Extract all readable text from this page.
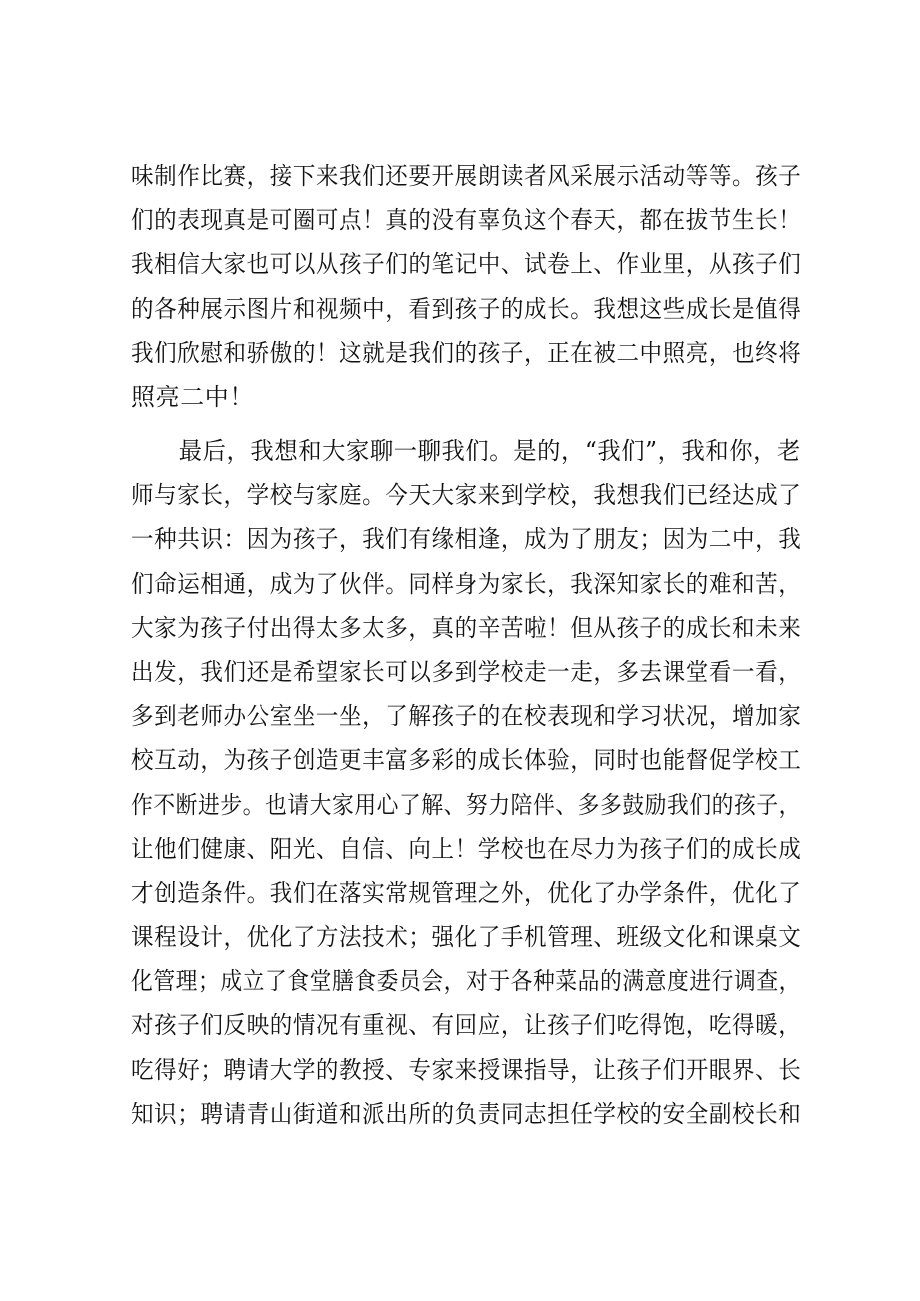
味制作比赛，接下来我们还要开展朗读者风采展示活动等等。孩子
们的表现真是可圈可点！真的没有辜负这个春天，都在拔节生长！
我相信大家也可以从孩子们的笔记中、试卷上、作业里，从孩子们
的各种展示图片和视频中，看到孩子的成长。我想这些成长是值得
我们欣慰和骄傲的！这就是我们的孩子，正在被二中照亮，也终将
照亮二中！
　　最后，我想和大家聊一聊我们。是的，“我们”，我和你，老
师与家长，学校与家庭。今天大家来到学校，我想我们已经达成了
一种共识：因为孩子，我们有缘相逢，成为了朋友；因为二中，我
们命运相通，成为了伙伴。同样身为家长，我深知家长的难和苦，
大家为孩子付出得太多太多，真的辛苦啦！但从孩子的成长和未来
出发，我们还是希望家长可以多到学校走一走，多去课堂看一看，
多到老师办公室坐一坐，了解孩子的在校表现和学习状况，增加家
校互动，为孩子创造更丰富多彩的成长体验，同时也能督促学校工
作不断进步。也请大家用心了解、努力陪伴、多多鼓励我们的孩子，
让他们健康、阳光、自信、向上！学校也在尽力为孩子们的成长成
才创造条件。我们在落实常规管理之外，优化了办学条件，优化了
课程设计，优化了方法技术；强化了手机管理、班级文化和课桌文
化管理；成立了食堂膳食委员会，对于各种菜品的满意度进行调查，
对孩子们反映的情况有重视、有回应，让孩子们吃得饱，吃得暖，
吃得好；聘请大学的教授、专家来授课指导，让孩子们开眼界、长
知识；聘请青山街道和派出所的负责同志担任学校的安全副校长和
